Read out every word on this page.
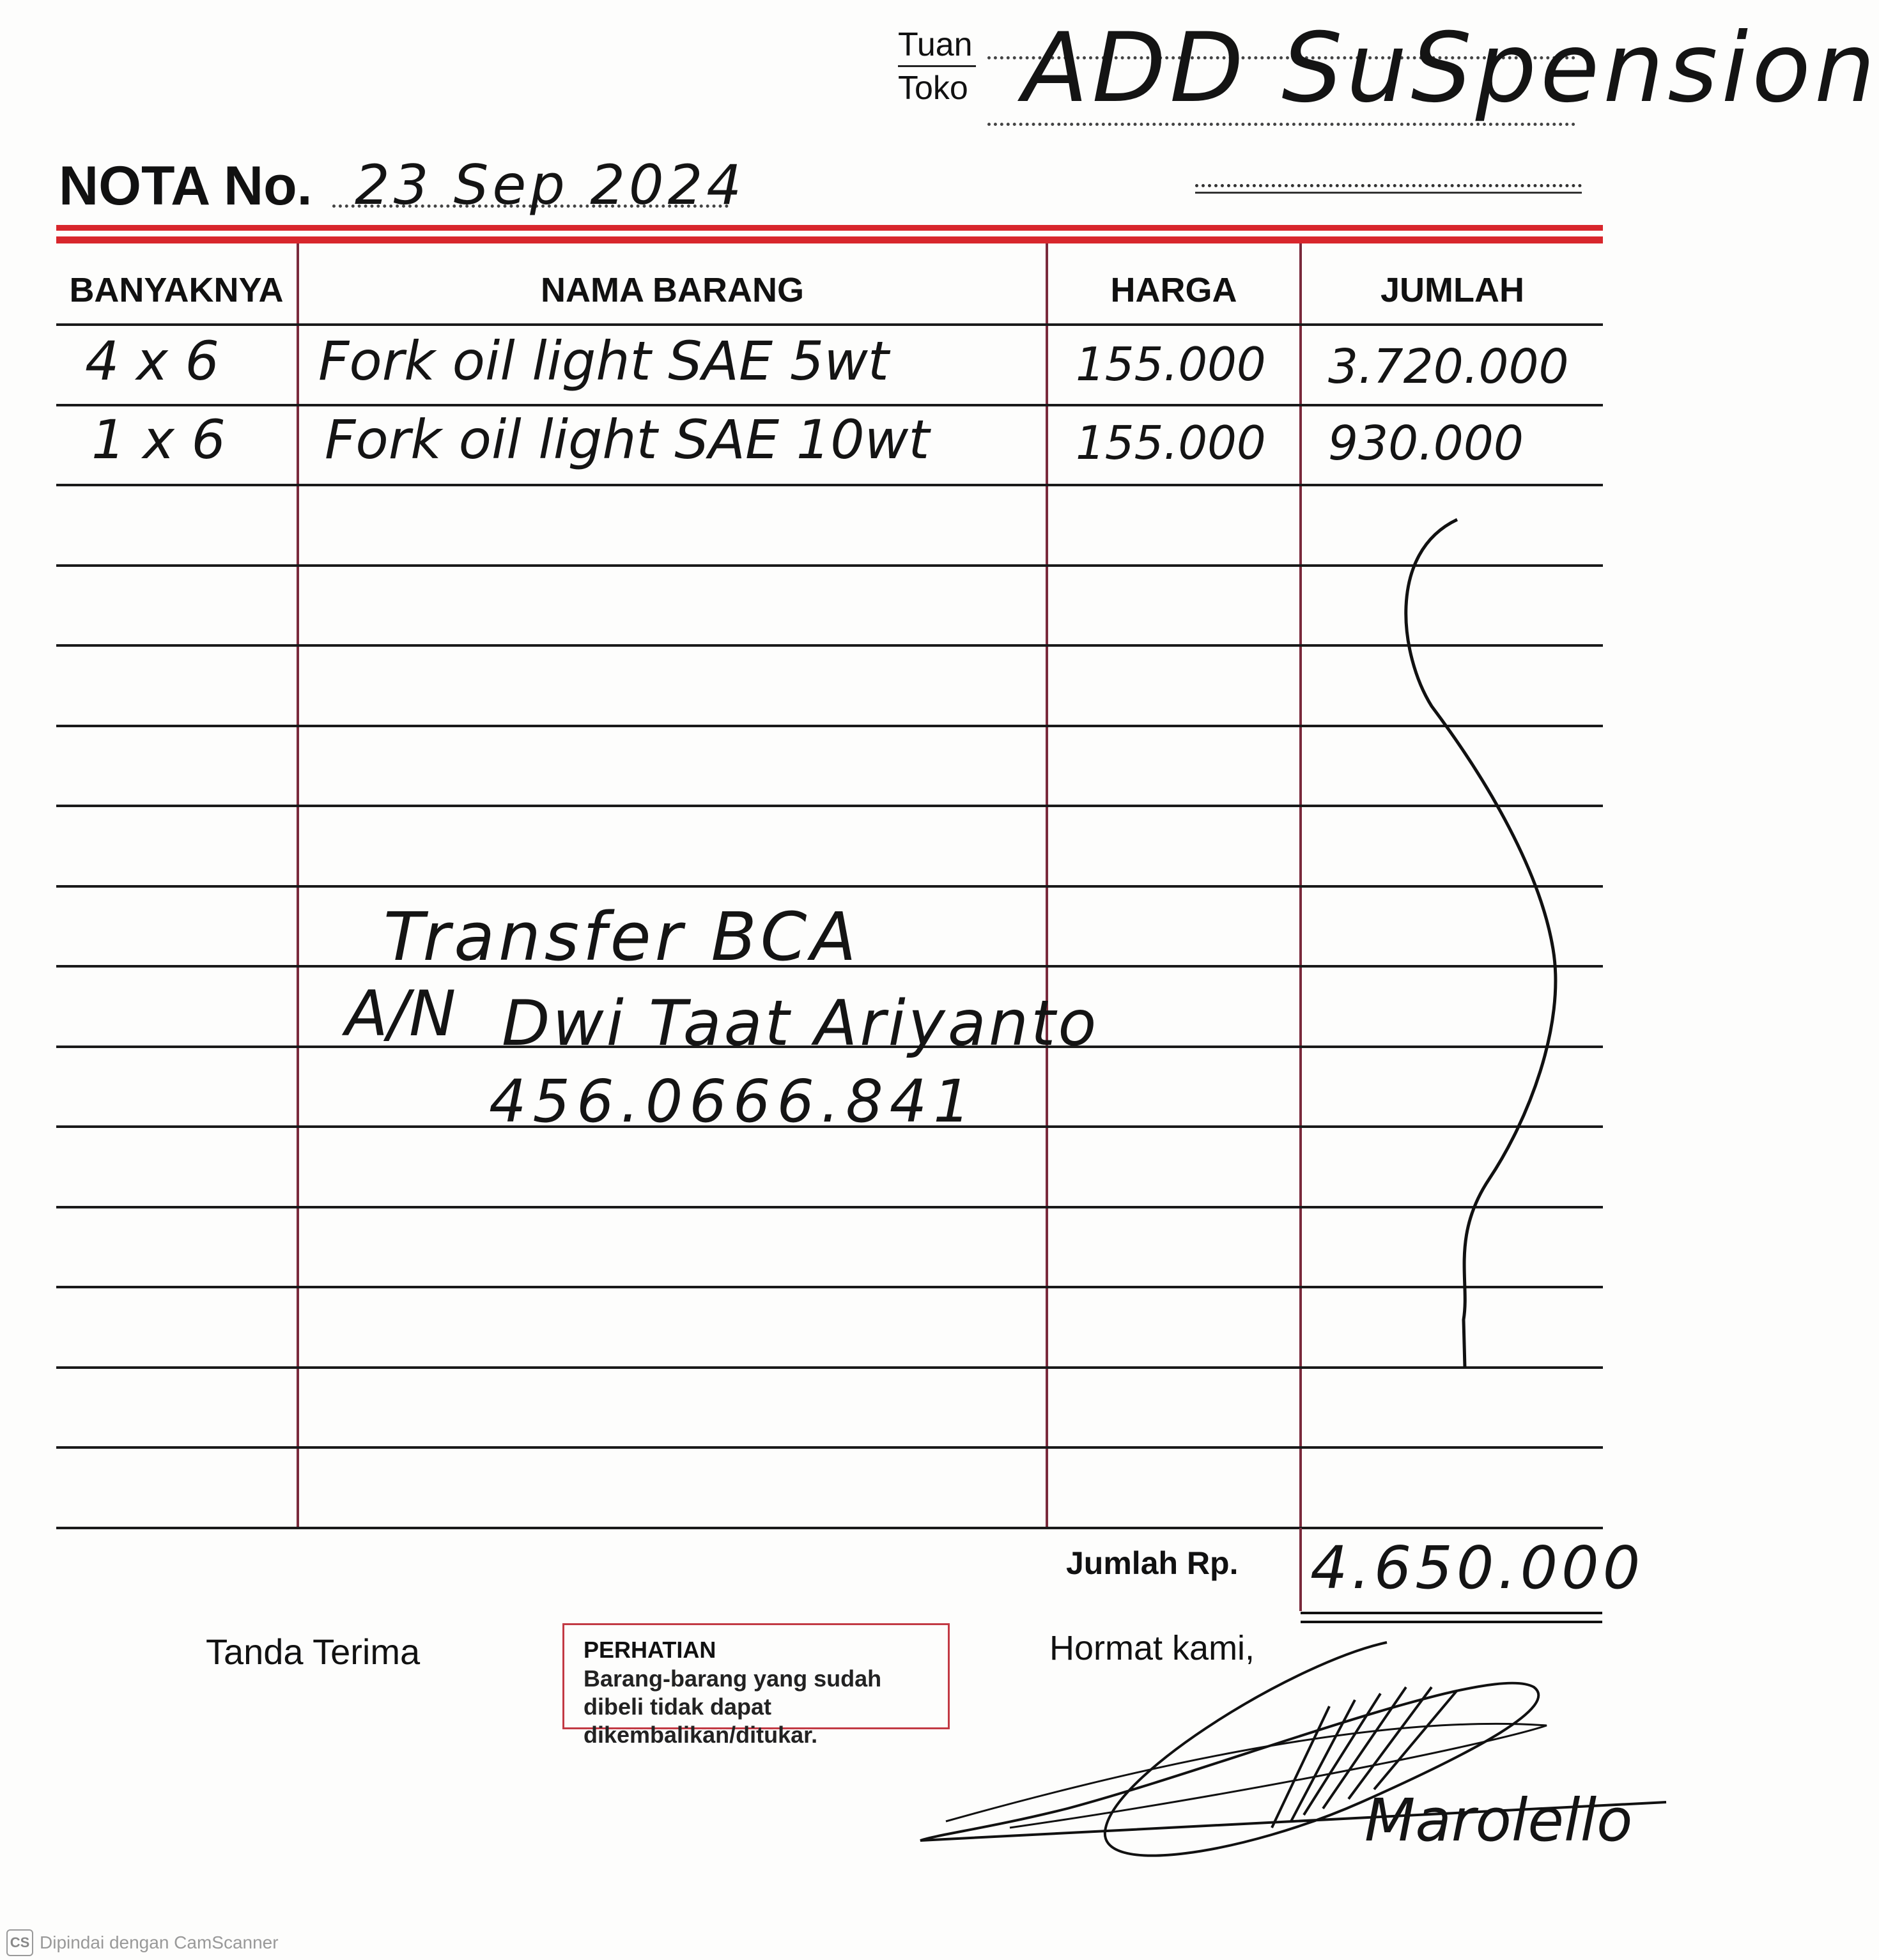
Tuan
Toko ADD SuSpension
NOTA No. 23 Sep 2024
BANYAKNYA	NAMA BARANG	HARGA	JUMLAH
4 x 6 Fork oil light SAE 5wt	155.000 3.720.000
1 x 6 Fork oil light SAE 10wt	155.000 930.000
Transfer BCA
A/N Dwi Taat Ariyanto
456.0666.841
Jumlah Rp. 4.650.000
Tanda Terima	PERHATIAN
Barang-barang yang sudah dibeli tidak dapat dikembalikan/ditukar.
Hormat kami,
Marolello
CS Dipindai dengan CamScanner
